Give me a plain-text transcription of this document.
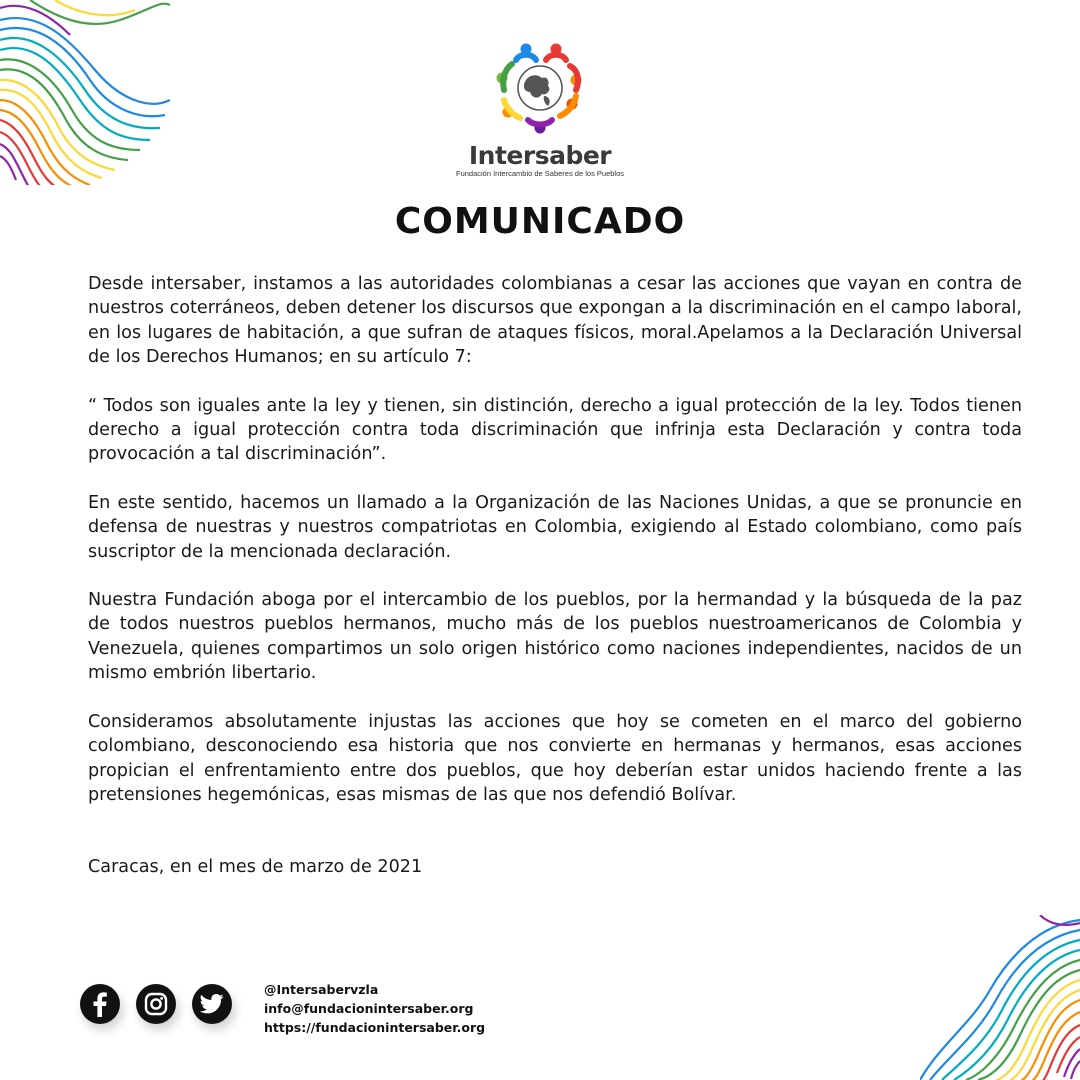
Intersaber
Fundación Intercambio de Saberes de los Pueblos
COMUNICADO

Desde intersaber, instamos a las autoridades colombianas a cesar las acciones que vayan en contra de nuestros coterráneos, deben detener los discursos que expongan a la discriminación en el campo laboral, en los lugares de habitación, a que sufran de ataques físicos, moral.Apelamos a la Declaración Universal de los Derechos Humanos; en su artículo 7:

“ Todos son iguales ante la ley y tienen, sin distinción, derecho a igual protección de la ley. Todos tienen derecho a igual protección contra toda discriminación que infrinja esta Declaración y contra toda provocación a tal discriminación”.

En este sentido, hacemos un llamado a la Organización de las Naciones Unidas, a que se pronuncie en defensa de nuestras y nuestros compatriotas en Colombia, exigiendo al Estado colombiano, como país suscriptor de la mencionada declaración.

Nuestra Fundación aboga por el intercambio de los pueblos, por la hermandad y la búsqueda de la paz de todos nuestros pueblos hermanos, mucho más de los pueblos nuestroamericanos de Colombia y Venezuela, quienes compartimos un solo origen histórico como naciones independientes, nacidos de un mismo embrión libertario.

Consideramos absolutamente injustas las acciones que hoy se cometen en el marco del gobierno colombiano, desconociendo esa historia que nos convierte en hermanas y hermanos, esas acciones propician el enfrentamiento entre dos pueblos, que hoy deberían estar unidos haciendo frente a las pretensiones hegemónicas, esas mismas de las que nos defendió Bolívar.

Caracas, en el mes de marzo de 2021

@Intersabervzla
info@fundacionintersaber.org
https://fundacionintersaber.org
